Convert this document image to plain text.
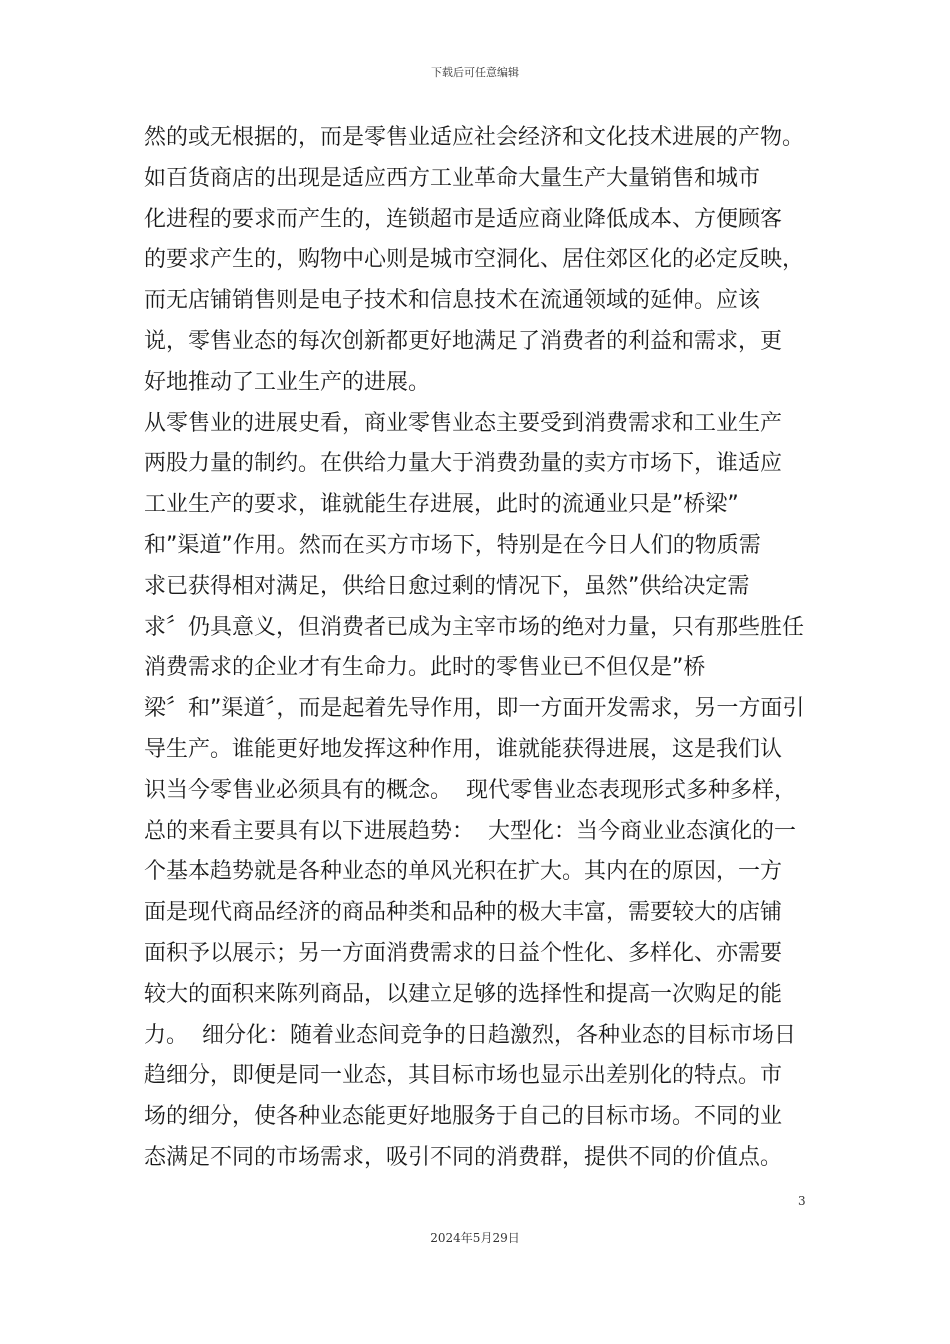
下载后可任意编辑
然的或无根据的，而是零售业适应社会经济和文化技术进展的产物。
如百货商店的出现是适应西方工业革命大量生产大量销售和城市
化进程的要求而产生的，连锁超市是适应商业降低成本、方便顾客
的要求产生的，购物中心则是城市空洞化、居住郊区化的必定反映，
而无店铺销售则是电子技术和信息技术在流通领域的延伸。应该
说，零售业态的每次创新都更好地满足了消费者的利益和需求，更
好地推动了工业生产的进展。
从零售业的进展史看，商业零售业态主要受到消费需求和工业生产
两股力量的制约。在供给力量大于消费劲量的卖方市场下，谁适应
工业生产的要求，谁就能生存进展，此时的流通业只是”桥梁”
和”渠道”作用。然而在买方市场下，特别是在今日人们的物质需
求已获得相对满足，供给日愈过剩的情况下，虽然”供给决定需
求〞仍具意义，但消费者已成为主宰市场的绝对力量，只有那些胜任
消费需求的企业才有生命力。此时的零售业已不但仅是”桥
梁〞和”渠道〞，而是起着先导作用，即一方面开发需求，另一方面引
导生产。谁能更好地发挥这种作用，谁就能获得进展，这是我们认
识当今零售业必须具有的概念。  现代零售业态表现形式多种多样，
总的来看主要具有以下进展趋势：  大型化：当今商业业态演化的一
个基本趋势就是各种业态的单风光积在扩大。其内在的原因，一方
面是现代商品经济的商品种类和品种的极大丰富，需要较大的店铺
面积予以展示；另一方面消费需求的日益个性化、多样化、亦需要
较大的面积来陈列商品，以建立足够的选择性和提高一次购足的能
力。  细分化：随着业态间竞争的日趋激烈，各种业态的目标市场日
趋细分，即便是同一业态，其目标市场也显示出差别化的特点。市
场的细分，使各种业态能更好地服务于自己的目标市场。不同的业
态满足不同的市场需求，吸引不同的消费群，提供不同的价值点。
3
2024年5月29日
